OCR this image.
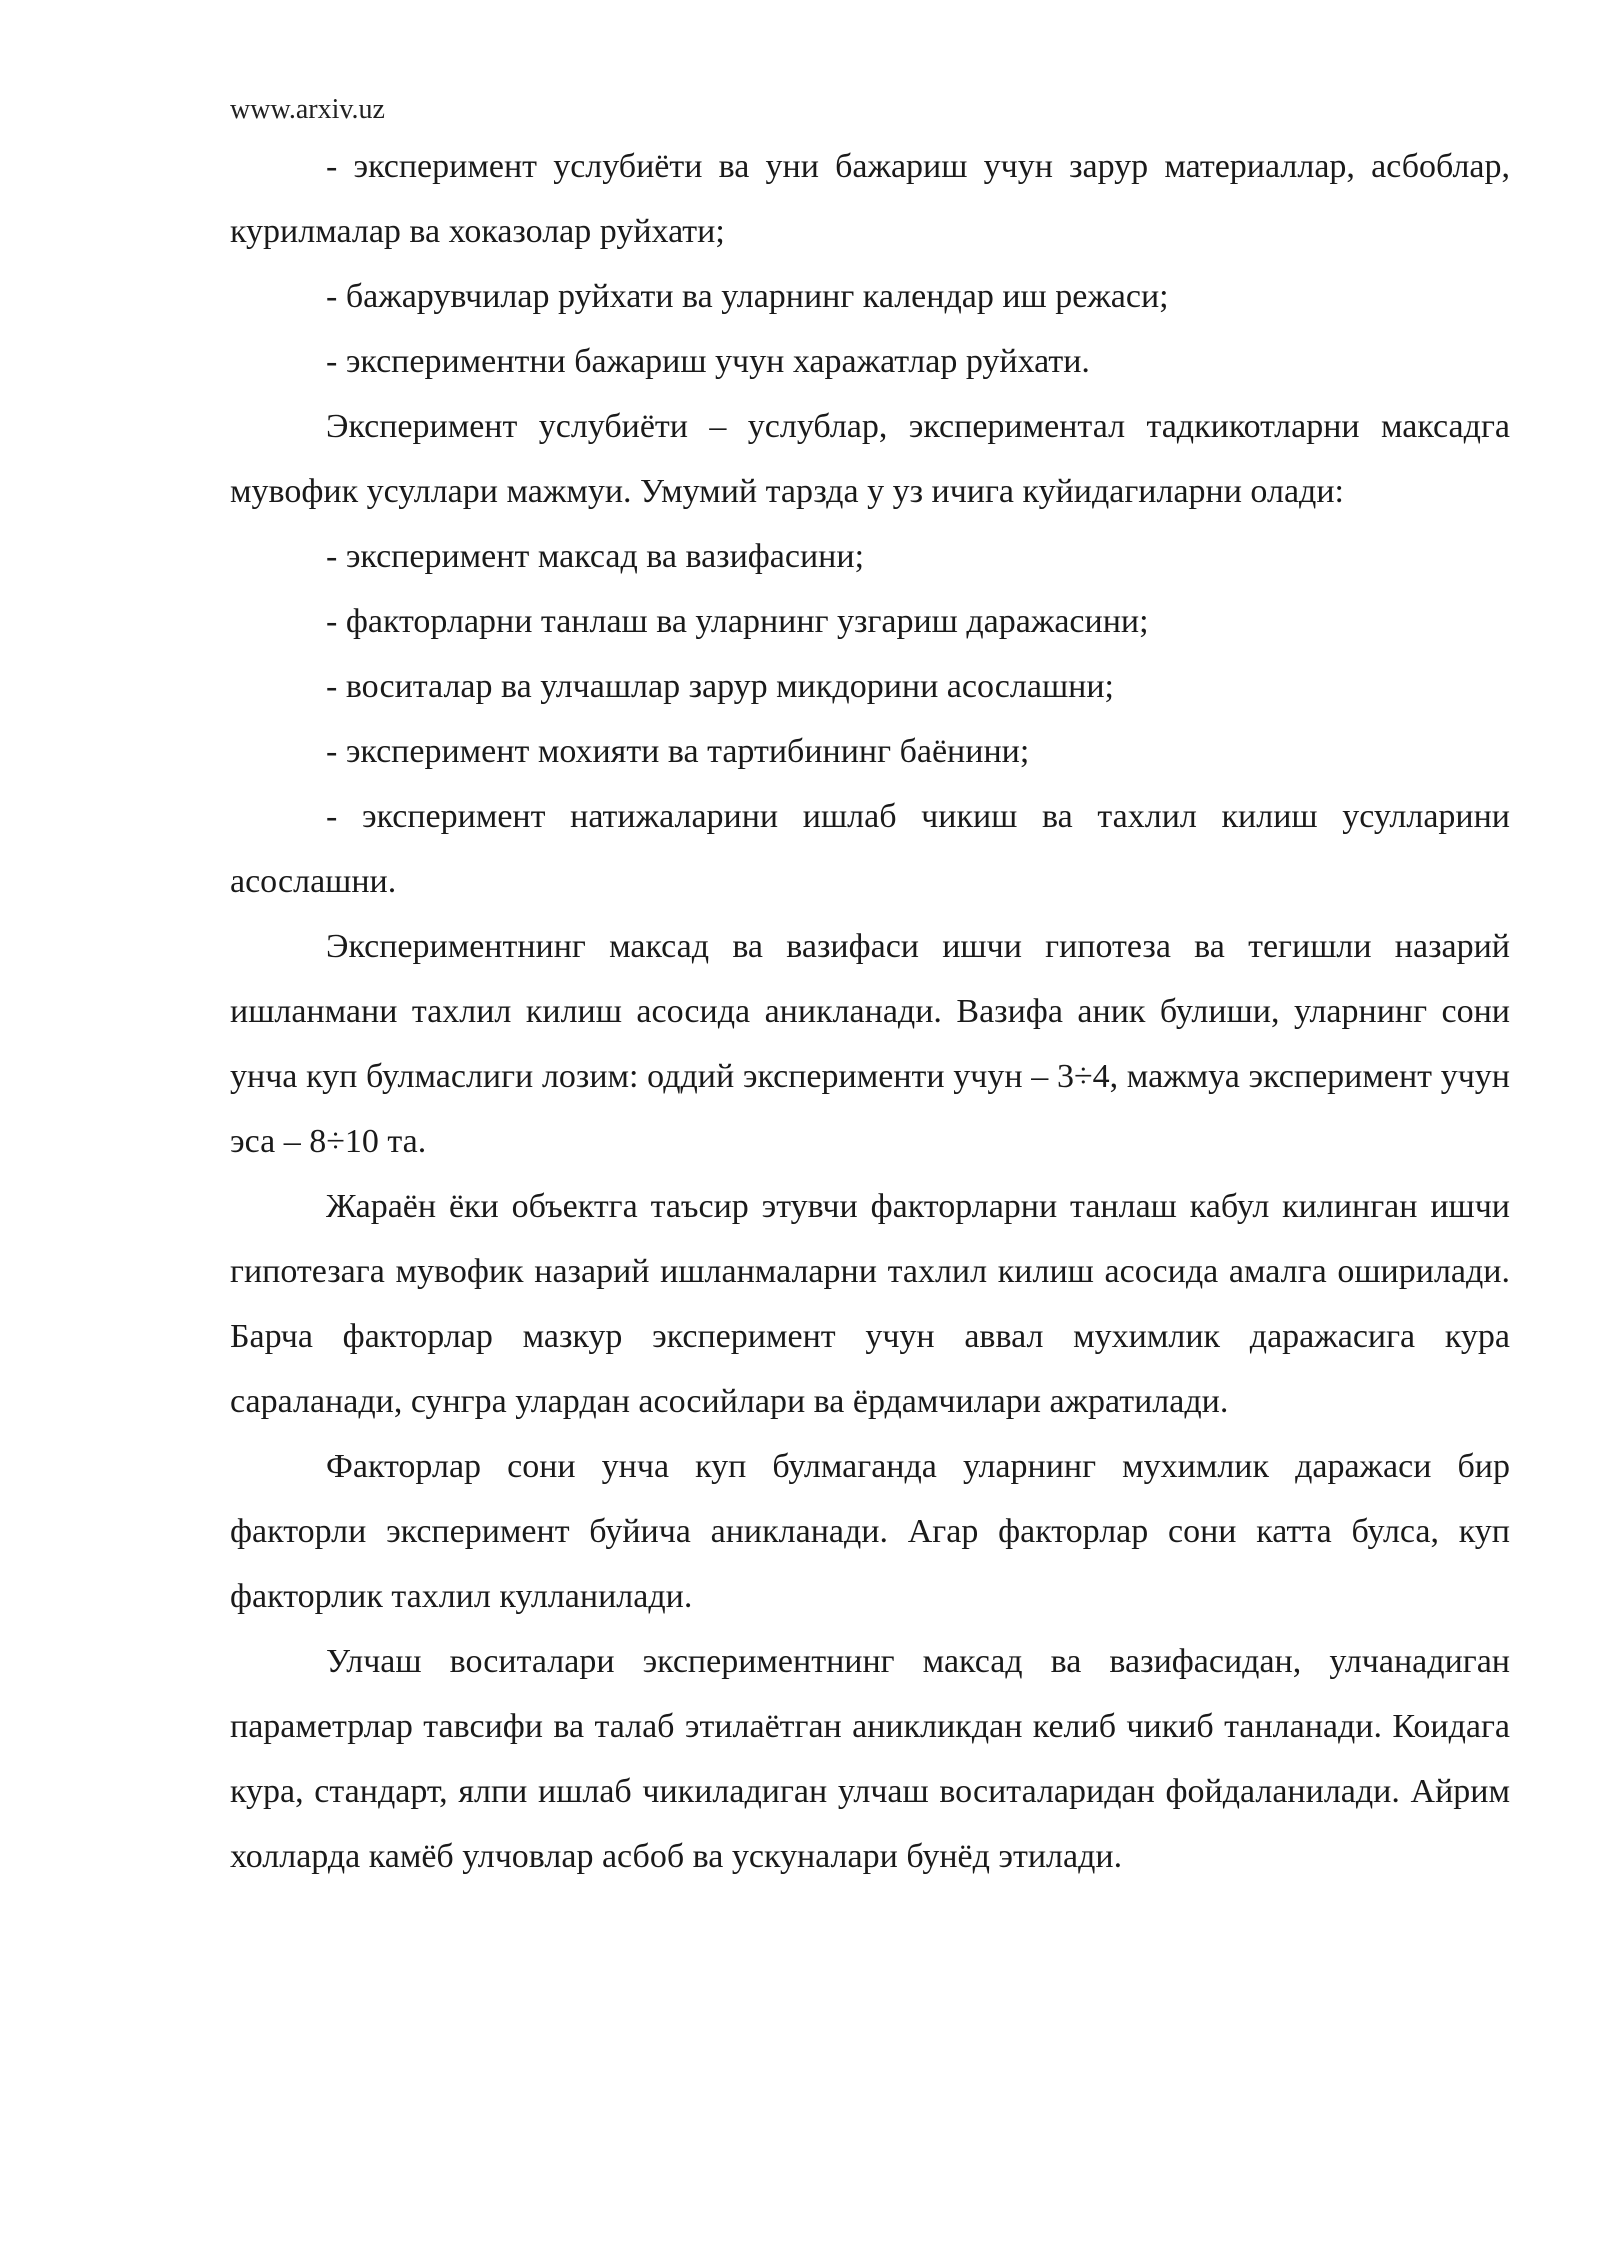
www.arxiv.uz

- эксперимент услубиёти ва уни бажариш учун зарур материаллар, асбоблар, курилмалар ва хоказолар руйхати;

- бажарувчилар руйхати ва уларнинг календар иш режаси;

- экспериментни бажариш учун харажатлар руйхати.

Эксперимент услубиёти – услублар, экспериментал тадкикотларни максадга мувофик усуллари мажмуи. Умумий тарзда у уз ичига куйидагиларни олади:

- эксперимент максад ва вазифасини;

- факторларни танлаш ва уларнинг узгариш даражасини;

- воситалар ва улчашлар зарур микдорини асослашни;

- эксперимент мохияти ва тартибининг баёнини;

- эксперимент натижаларини ишлаб чикиш ва тахлил килиш усулларини асослашни.

Экспериментнинг максад ва вазифаси ишчи гипотеза ва тегишли назарий ишланмани тахлил килиш асосида аникланади. Вазифа аник булиши, уларнинг сони унча куп булмаслиги лозим: оддий эксперименти учун – 3÷4, мажмуа эксперимент учун эса – 8÷10 та.

Жараён ёки объектга таъсир этувчи факторларни танлаш кабул килинган ишчи гипотезага мувофик назарий ишланмаларни тахлил килиш асосида амалга оширилади. Барча факторлар мазкур эксперимент учун аввал мухимлик даражасига кура сараланади, сунгра улардан асосийлари ва ёрдамчилари ажратилади.

Факторлар сони унча куп булмаганда уларнинг мухимлик даражаси бир факторли эксперимент буйича аникланади. Агар факторлар сони катта булса, куп факторлик тахлил кулланилади.

Улчаш воситалари экспериментнинг максад ва вазифасидан, улчанадиган параметрлар тавсифи ва талаб этилаётган аникликдан келиб чикиб танланади. Коидага кура, стандарт, ялпи ишлаб чикиладиган улчаш воситаларидан фойдаланилади. Айрим холларда камёб улчовлар асбоб ва ускуналари бунёд этилади.
